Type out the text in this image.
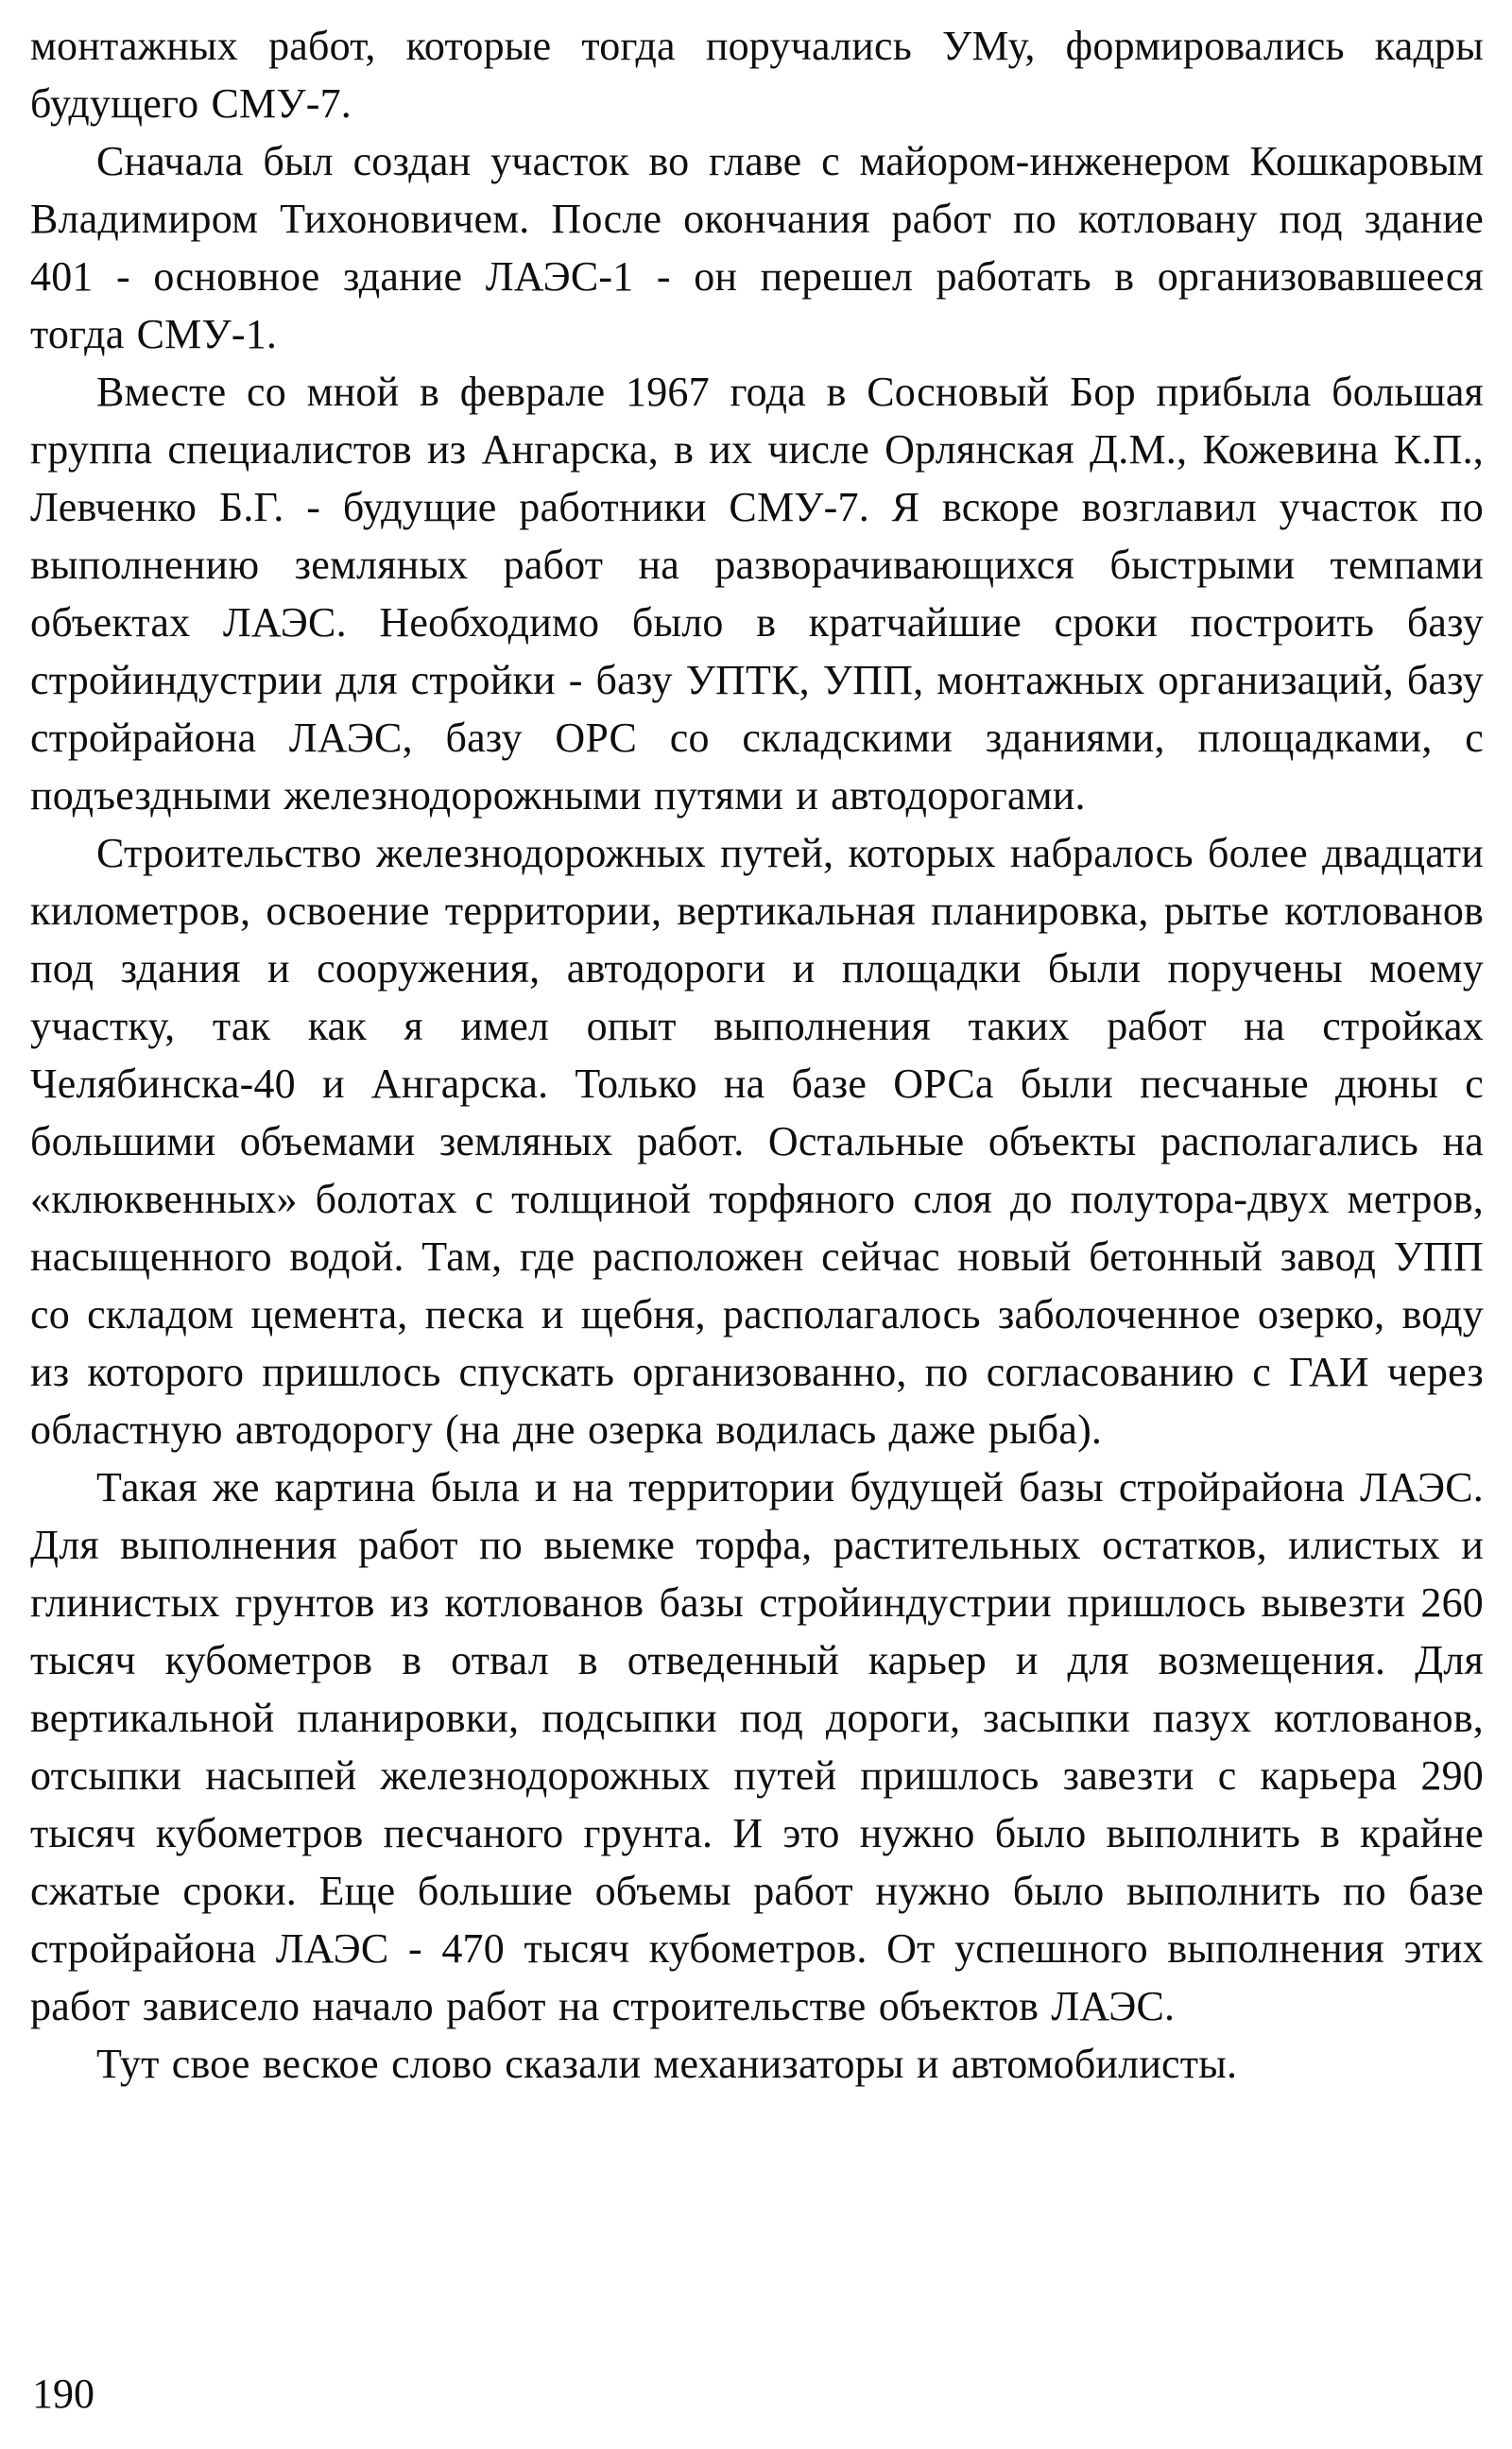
монтажных работ, которые тогда поручались УМу, формировались кадры будущего СМУ-7.

Сначала был создан участок во главе с майором-инженером Кошкаровым Владимиром Тихоновичем. После окончания работ по котловану под здание 401 - основное здание ЛАЭС-1 - он перешел работать в организовавшееся тогда СМУ-1.

Вместе со мной в феврале 1967 года в Сосновый Бор прибыла большая группа специалистов из Ангарска, в их числе Орлянская Д.М., Кожевина К.П., Левченко Б.Г. - будущие работники СМУ-7. Я вскоре возглавил участок по выполнению земляных работ на разворачивающихся быстрыми темпами объектах ЛАЭС. Необходимо было в кратчайшие сроки построить базу стройиндустрии для стройки - базу УПТК, УПП, монтажных организаций, базу стройрайона ЛАЭС, базу ОРС со складскими зданиями, площадками, с подъездными железнодорожными путями и автодорогами.

Строительство железнодорожных путей, которых набралось более двадцати километров, освоение территории, вертикальная планировка, рытье котлованов под здания и сооружения, автодороги и площадки были поручены моему участку, так как я имел опыт выполнения таких работ на стройках Челябинска-40 и Ангарска. Только на базе ОРСа были песчаные дюны с большими объемами земляных работ. Остальные объекты располагались на «клюквенных» болотах с толщиной торфяного слоя до полутора-двух метров, насыщенного водой. Там, где расположен сейчас новый бетонный завод УПП со складом цемента, песка и щебня, располагалось заболоченное озерко, воду из которого пришлось спускать организованно, по согласованию с ГАИ через областную автодорогу (на дне озерка водилась даже рыба).

Такая же картина была и на территории будущей базы стройрайона ЛАЭС. Для выполнения работ по выемке торфа, растительных остатков, илистых и глинистых грунтов из котлованов базы стройиндустрии пришлось вывезти 260 тысяч кубометров в отвал в отведенный карьер и для возмещения. Для вертикальной планировки, подсыпки под дороги, засыпки пазух котлованов, отсыпки насыпей железнодорожных путей пришлось завезти с карьера 290 тысяч кубометров песчаного грунта. И это нужно было выполнить в крайне сжатые сроки. Еще большие объемы работ нужно было выполнить по базе стройрайона ЛАЭС - 470 тысяч кубометров. От успешного выполнения этих работ зависело начало работ на строительстве объектов ЛАЭС.

Тут свое веское слово сказали механизаторы и автомобилисты.

190
